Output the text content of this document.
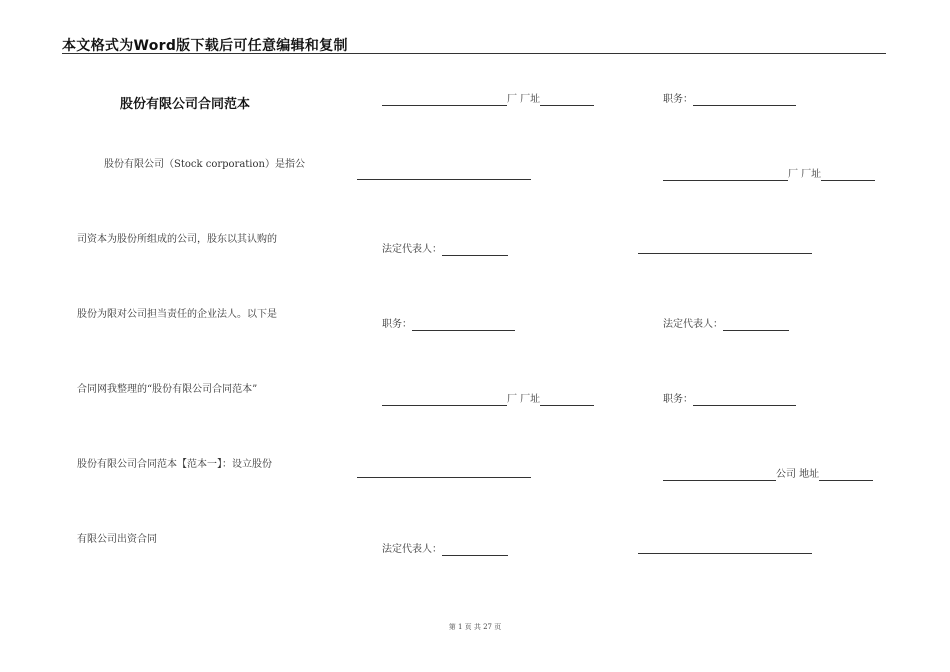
本文格式为Word版下载后可任意编辑和复制
股份有限公司合同范本
股份有限公司（Stock corporation）是指公
司资本为股份所组成的公司，股东以其认购的
股份为限对公司担当责任的企业法人。以下是
合同网我整理的“股份有限公司合同范本”
股份有限公司合同范本【范本一】：设立股份
有限公司出资合同
厂 厂址
法定代表人：
职务：
厂 厂址
法定代表人：
职务：
厂 厂址
法定代表人：
职务：
公司 地址
第 1 页 共 27 页
